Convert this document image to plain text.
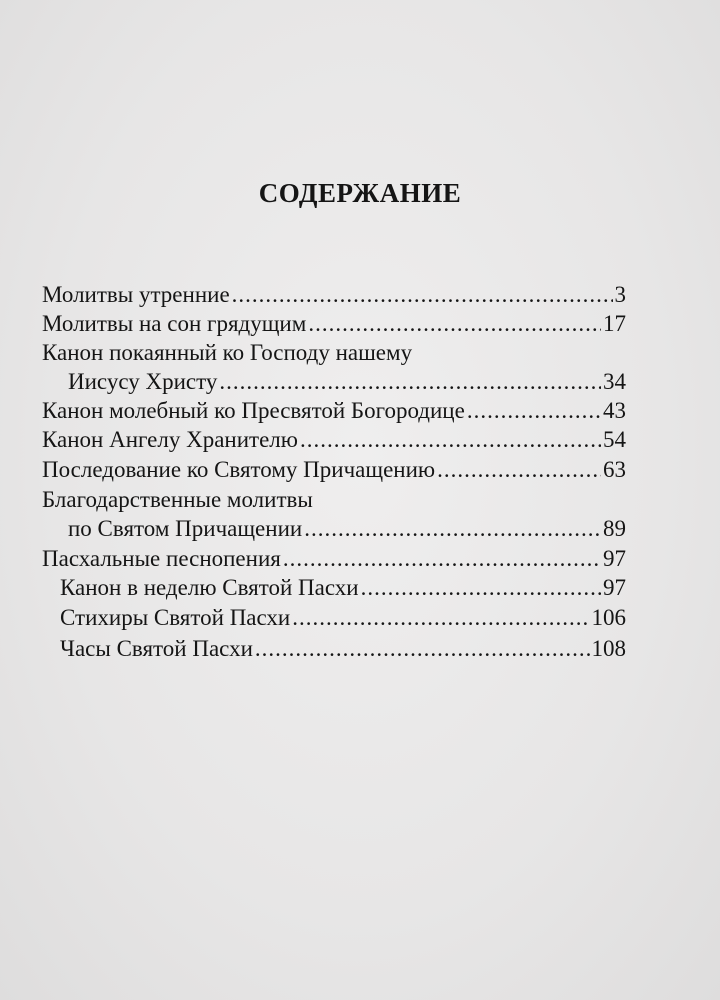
СОДЕРЖАНИЕ
Молитвы утренние .....	3
Молитвы на сон грядущим .....	17
Канон покаянный ко Господу нашему
Иисусу Христу .....	34
Канон молебный ко Пресвятой Богородице .....	43
Канон Ангелу Хранителю .....	54
Последование ко Святому Причащению .....	63
Благодарственные молитвы
по Святом Причащении .....	89
Пасхальные песнопения .....	97
Канон в неделю Святой Пасхи .....	97
Стихиры Святой Пасхи .....	106
Часы Святой Пасхи .....	108
